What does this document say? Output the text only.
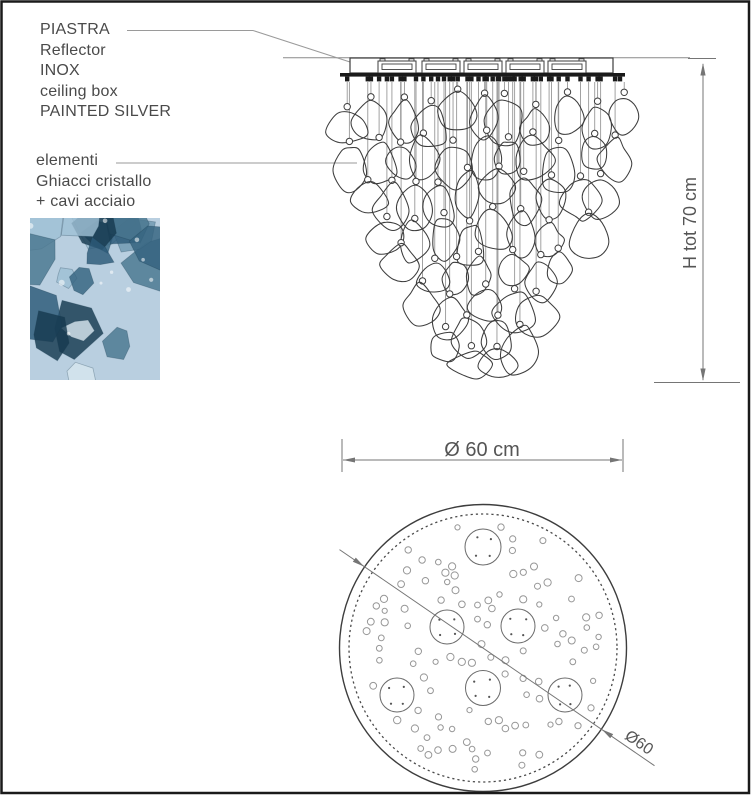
H tot 70 cm
Ø 60 cm
Ø60
PIASTRA
Reflector
INOX
ceiling box
PAINTED SILVER
elementi
Ghiacci cristallo
+ cavi acciaio
